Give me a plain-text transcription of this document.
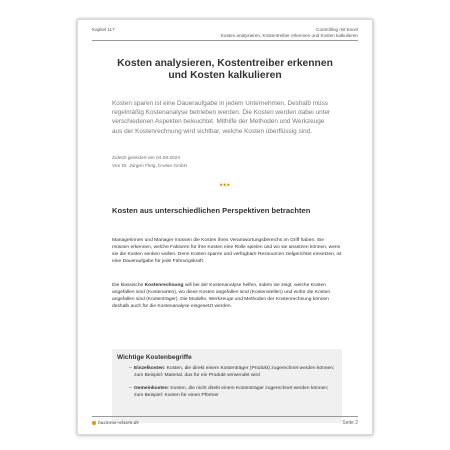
Kapitel 117	Controlling mit Excel
Kosten analysieren, Kostentreiber erkennen und Kosten kalkulieren
Kosten analysieren, Kostentreiber erkennen und Kosten kalkulieren

Kosten sparen ist eine Daueraufgabe in jedem Unternehmen. Deshalb müss regelmäßig Kostenanalyse betrieben werden. Die Kosten werden dabei unter verschiedenen Aspekten beleuchtet. Mithilfe der Methoden und Werkzeuge aus der Kostenrechnung wird sichtbar, welche Kosten überflüssig sind.

Zuletzt geändert am 04.08.2023
Von Dr. Jürgen Fleig, b-wise GmbH
•••
Kosten aus unterschiedlichen Perspektiven betrachten

Managerinnen und Manager müssen die Kosten ihres Verantwortungsbereichs im Griff haben. Sie müssen erkennen, welche Faktoren für ihre Kosten eine Rolle spielen und wo sie ansetzen können, wenn sie die Kosten senken wollen. Denn Kosten sparen und verfügbare Ressourcen zielgerichtet einsetzen, ist eine Daueraufgabe für jede Führungskraft.

Die klassische Kostenrechnung will bei der Kostenanalyse helfen, indem sie zeigt, welche Kosten angefallen sind (Kostenarten), wo diese Kosten angefallen sind (Kostenstellen) und wofür die Kosten angefallen sind (Kostenträger). Die Modelle, Werkzeuge und Methoden der Kostenrechnung können deshalb auch für die Kostenanalyse eingesetzt werden.

Wichtige Kostenbegriffe
– Einzelkosten: Kosten, die direkt einem Kostenträger (Produkt) zugerechnet werden können; zum Beispiel: Material, das für ein Produkt verwendet wird
– Gemeinkosten: Kosten, die nicht direkt einem Kostenträger zugerechnet werden können; zum Beispiel: Kosten für einen Pförtner
business-wissen.de	Seite 2
